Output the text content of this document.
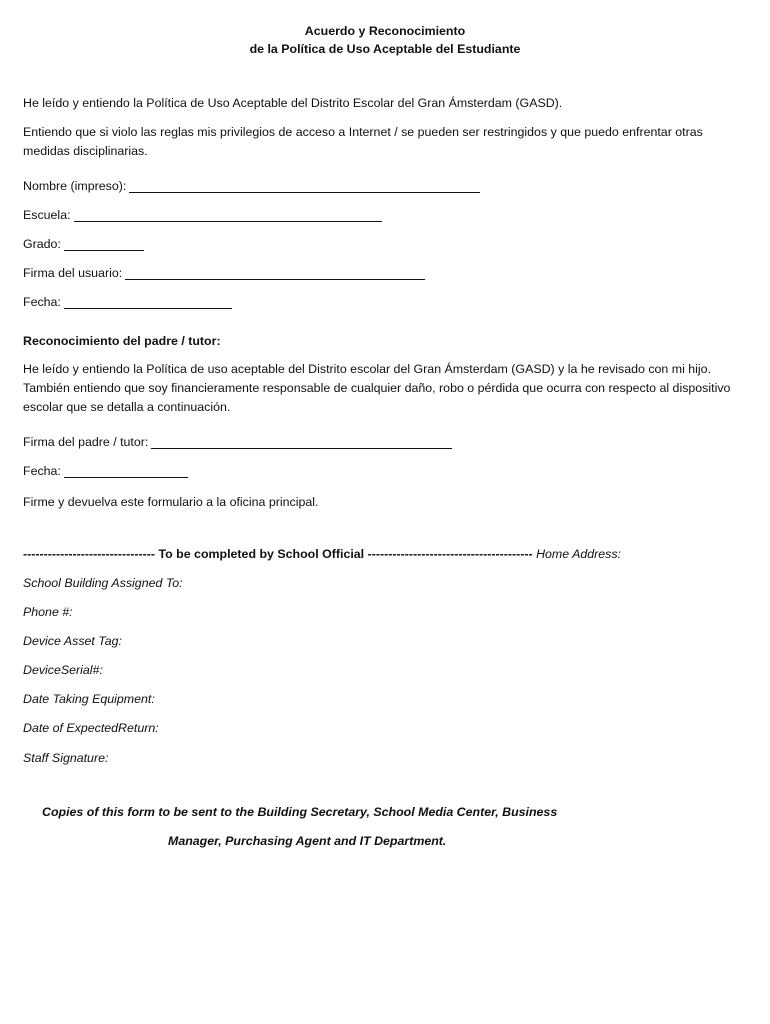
Acuerdo y Reconocimiento
de la Política de Uso Aceptable del Estudiante
He leído y entiendo la Política de Uso Aceptable del Distrito Escolar del Gran Ámsterdam (GASD).
Entiendo que si violo las reglas mis privilegios de acceso a Internet / se pueden ser restringidos y que puedo enfrentar otras medidas disciplinarias.
Nombre (impreso):
Escuela:
Grado:
Firma del usuario:
Fecha:
Reconocimiento del padre / tutor:
He leído y entiendo la Política de uso aceptable del Distrito escolar del Gran Ámsterdam (GASD) y la he revisado con mi hijo. También entiendo que soy financieramente responsable de cualquier daño, robo o pérdida que ocurra con respecto al dispositivo escolar que se detalla a continuación.
Firma del padre / tutor:
Fecha:
Firme y devuelva este formulario a la oficina principal.
-------------------------------- To be completed by School Official ---------------------------------------- Home Address:
School Building Assigned To:
Phone #:
Device Asset Tag:
DeviceSerial#:
Date Taking Equipment:
Date of ExpectedReturn:
Staff Signature:
Copies of this form to be sent to the Building Secretary, School Media Center, Business
Manager, Purchasing Agent and IT Department.
